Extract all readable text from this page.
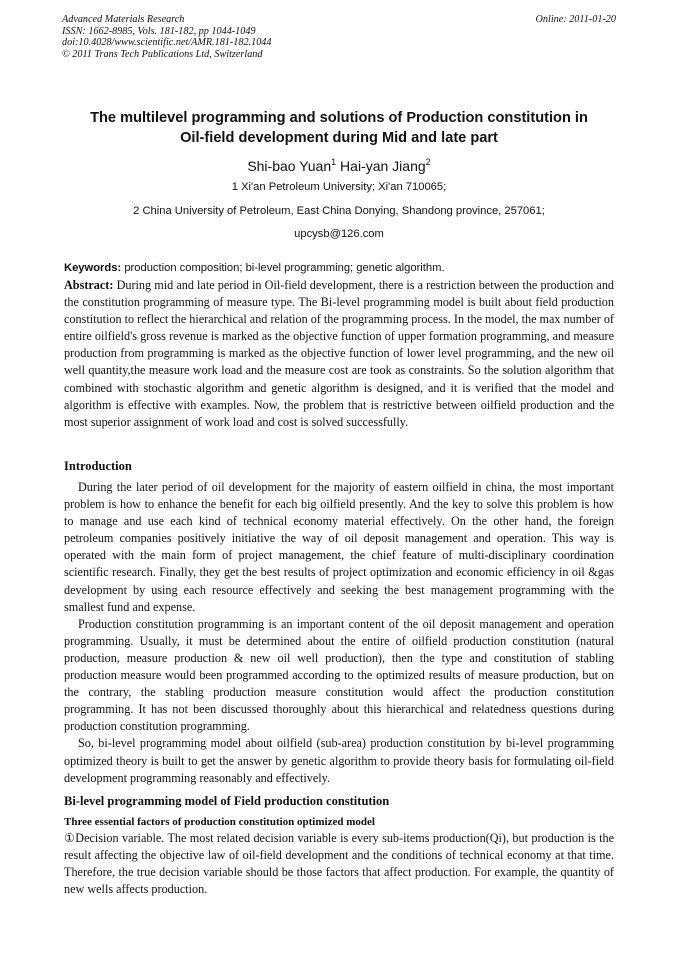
Advanced Materials Research
ISSN: 1662-8985, Vols. 181-182, pp 1044-1049
doi:10.4028/www.scientific.net/AMR.181-182.1044
© 2011 Trans Tech Publications Ltd, Switzerland
Online: 2011-01-20
The multilevel programming and solutions of Production constitution in
Oil-field development during Mid and late part
Shi-bao Yuan$^1$ Hai-yan Jiang$^2$
1 Xi'an Petroleum University; Xi'an 710065;
2 China University of Petroleum, East China Donying, Shandong province, 257061;
upcysb@126.com
Keywords: production composition; bi-level programming; genetic algorithm.

Abstract: During mid and late period in Oil-field development, there is a restriction between the production and the constitution programming of measure type. The Bi-level programming model is built about field production constitution to reflect the hierarchical and relation of the programming process. In the model, the max number of entire oilfield's gross revenue is marked as the objective function of upper formation programming, and measure production from programming is marked as the objective function of lower level programming, and the new oil well quantity,the measure work load and the measure cost are took as constraints. So the solution algorithm that combined with stochastic algorithm and genetic algorithm is designed, and it is verified that the model and algorithm is effective with examples. Now, the problem that is restrictive between oilfield production and the most superior assignment of work load and cost is solved successfully.

Introduction

During the later period of oil development for the majority of eastern oilfield in china, the most important problem is how to enhance the benefit for each big oilfield presently. And the key to solve this problem is how to manage and use each kind of technical economy material effectively. On the other hand, the foreign petroleum companies positively initiative the way of oil deposit management and operation. This way is operated with the main form of project management, the chief feature of multi-disciplinary coordination scientific research. Finally, they get the best results of project optimization and economic efficiency in oil &gas development by using each resource effectively and seeking the best management programming with the smallest fund and expense.

Production constitution programming is an important content of the oil deposit management and operation programming. Usually, it must be determined about the entire of oilfield production constitution (natural production, measure production & new oil well production), then the type and constitution of stabling production measure would been programmed according to the optimized results of measure production, but on the contrary, the stabling production measure constitution would affect the production constitution programming. It has not been discussed thoroughly about this hierarchical and relatedness questions during production constitution programming.

So, bi-level programming model about oilfield (sub-area) production constitution by bi-level programming optimized theory is built to get the answer by genetic algorithm to provide theory basis for formulating oil-field development programming reasonably and effectively.

Bi-level programming model of Field production constitution
Three essential factors of production constitution optimized model

①Decision variable. The most related decision variable is every sub-items production(Qi), but production is the result affecting the objective law of oil-field development and the conditions of technical economy at that time. Therefore, the true decision variable should be those factors that affect production. For example, the quantity of new wells affects production.
